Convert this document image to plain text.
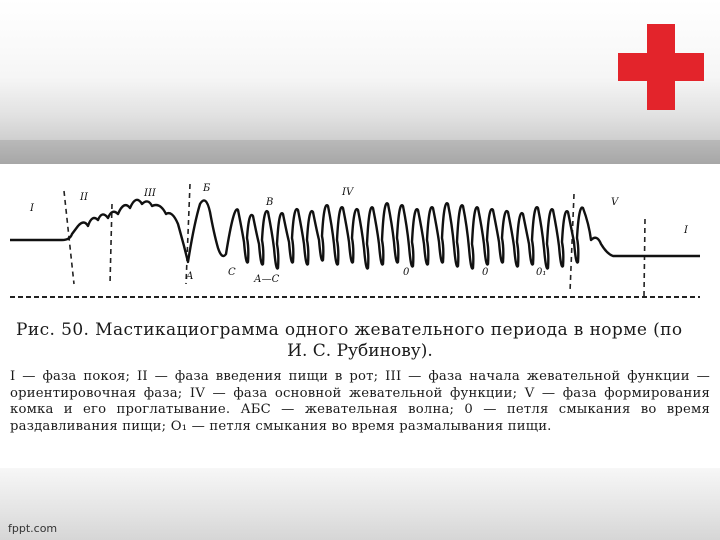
I
II	III	Б
В
IV
V
I
А	С
А—С
0	0	0₁
Рис. 50. Мастикациограмма одного жевательного периода в норме (по
И. С. Рубинову).
I — фаза покоя; II — фаза введения пищи в рот; III — фаза начала жевательной функции — ориентировочная фаза; IV — фаза основной жевательной функции; V — фаза формирования комка и его проглатывание. АБС — жевательная волна; 0 — петля смыкания во время раздавливания пищи; O₁ — петля смыкания во время размалывания пищи.
fppt.com
